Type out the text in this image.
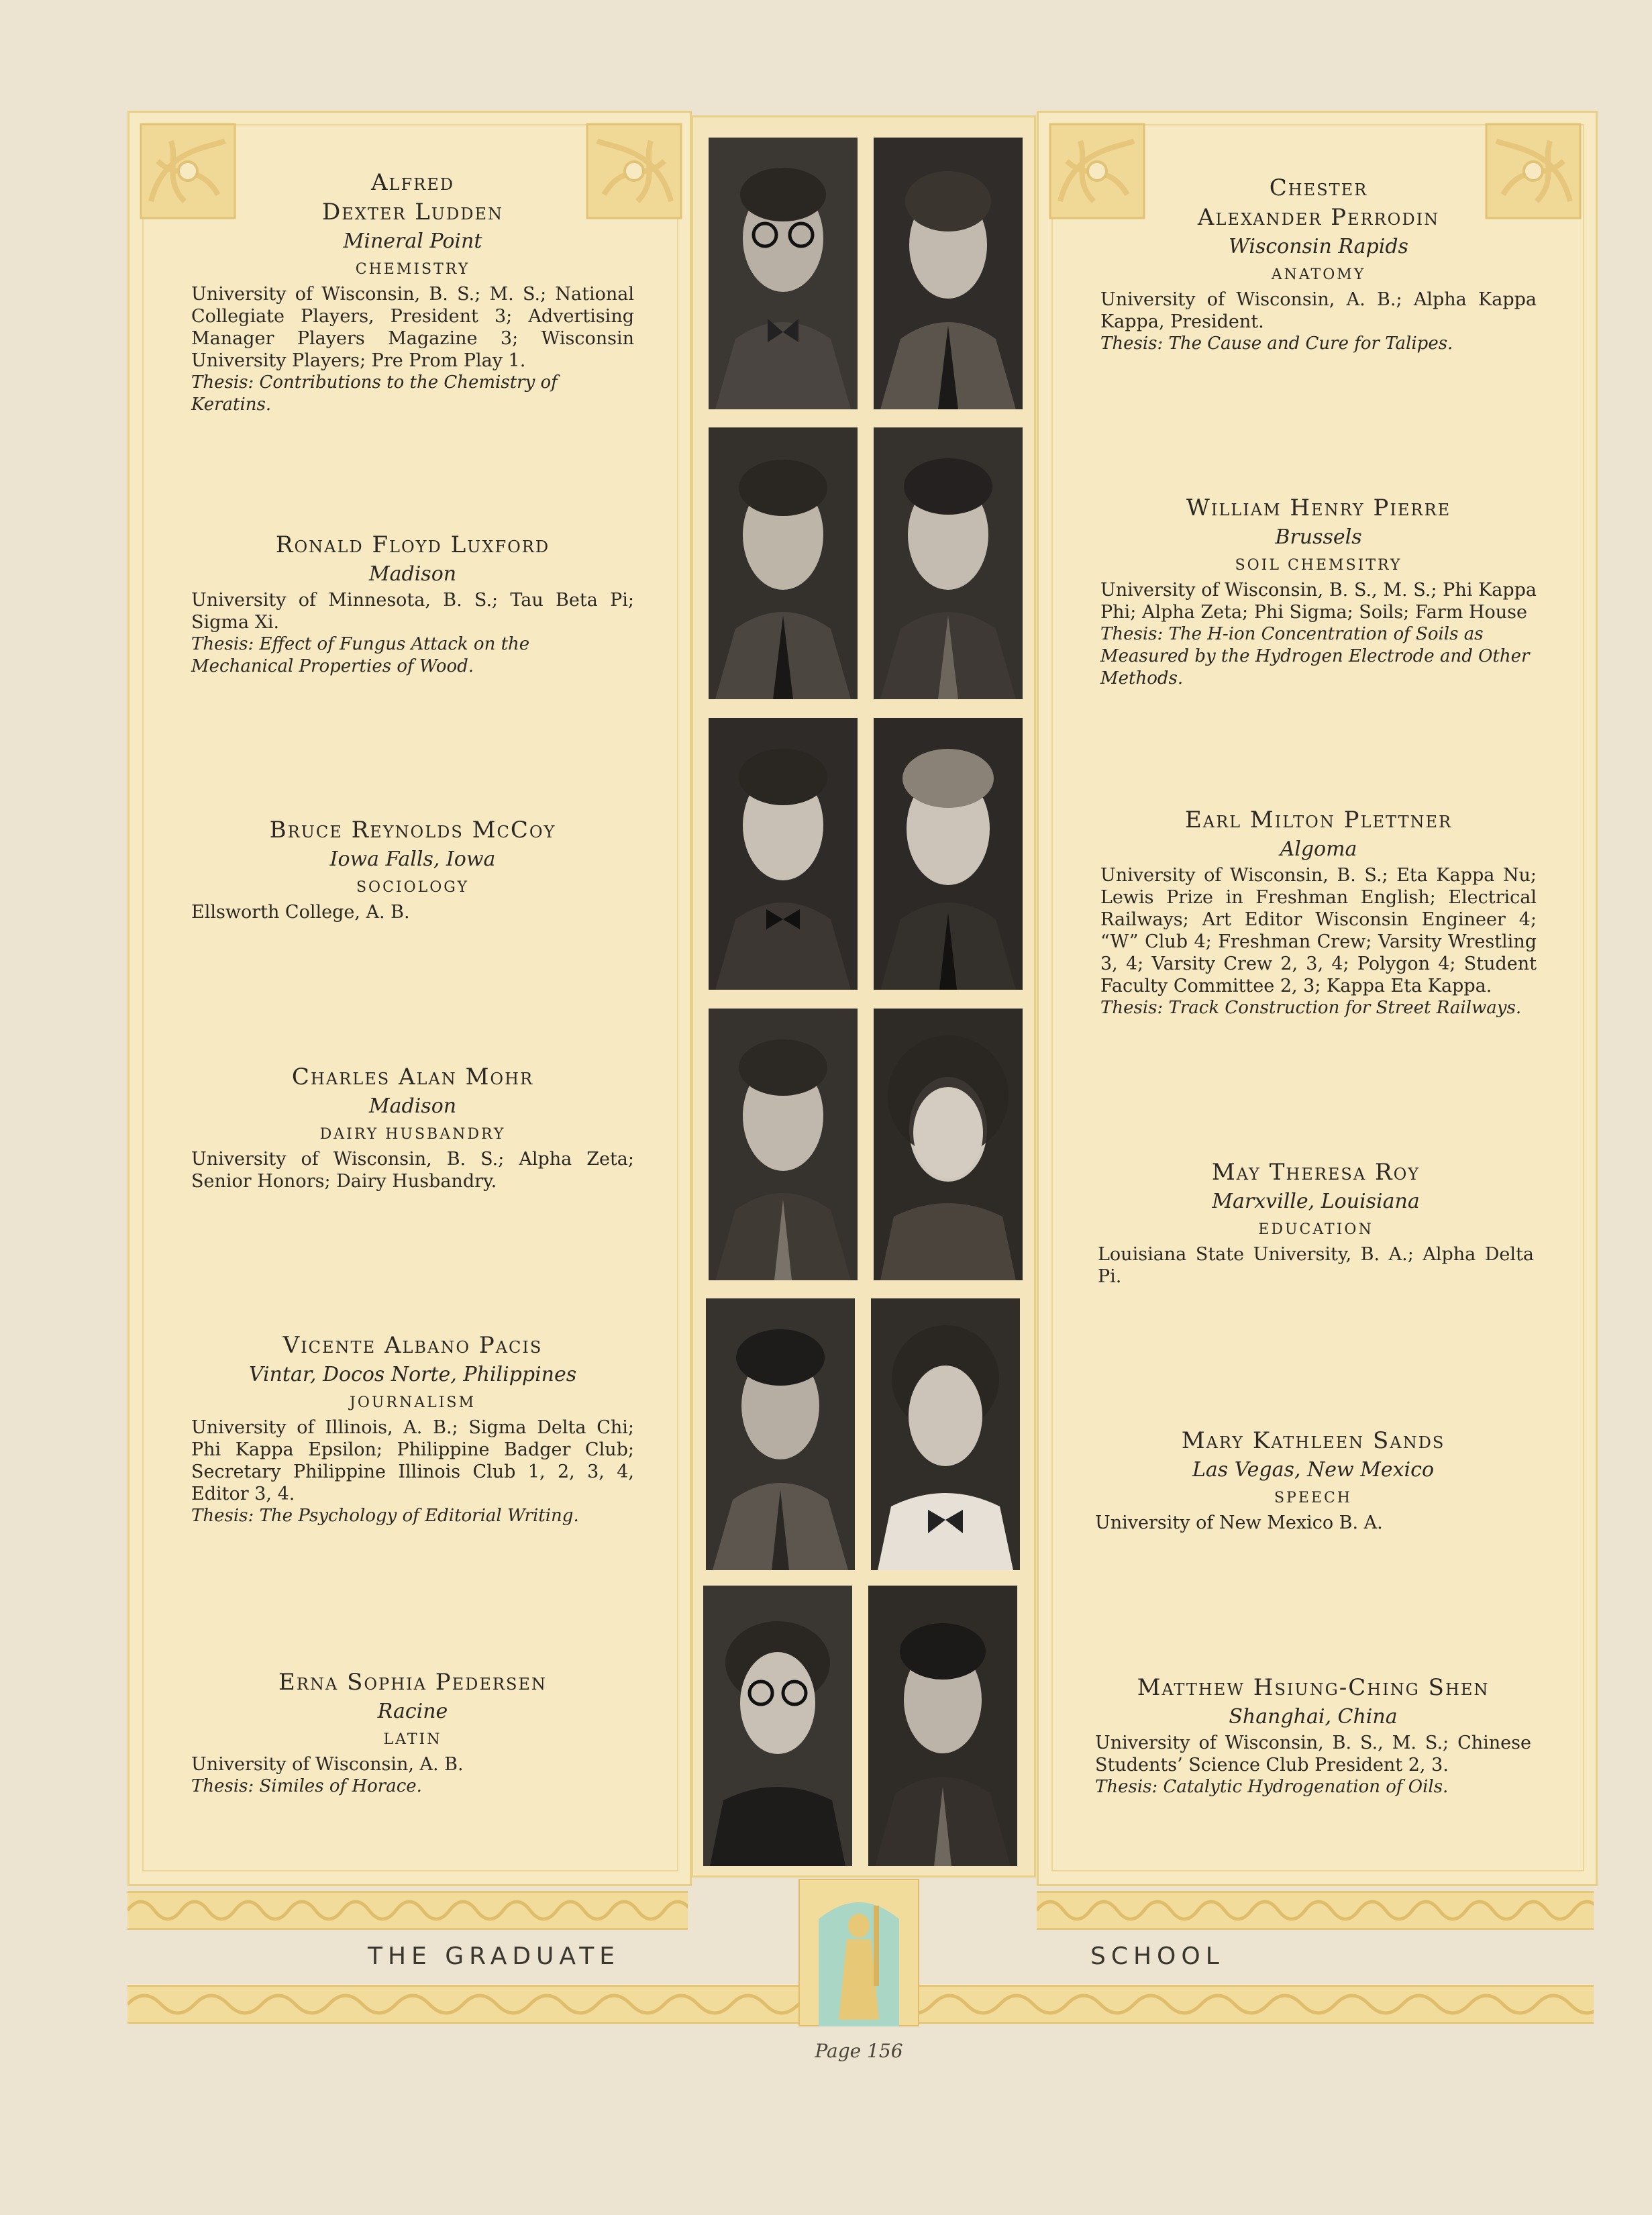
Alfred
Dexter Ludden
Mineral Point
CHEMISTRY
University of Wisconsin, B. S.; M. S.; National Collegiate Players, President 3; Advertising Manager Players Magazine 3; Wisconsin University Players; Pre Prom Play 1.
Thesis: Contributions to the Chemistry of Keratins.
Ronald Floyd Luxford
Madison
University of Minnesota, B. S.; Tau Beta Pi; Sigma Xi.
Thesis: Effect of Fungus Attack on the Mechanical Properties of Wood.
Bruce Reynolds McCoy
Iowa Falls, Iowa
SOCIOLOGY
Ellsworth College, A. B.
Charles Alan Mohr
Madison
DAIRY HUSBANDRY
University of Wisconsin, B. S.; Alpha Zeta; Senior Honors; Dairy Husbandry.
Vicente Albano Pacis
Vintar, Docos Norte, Philippines
JOURNALISM
University of Illinois, A. B.; Sigma Delta Chi; Phi Kappa Epsilon; Philippine Badger Club; Secretary Philippine Illinois Club 1, 2, 3, 4, Editor 3, 4.
Thesis: The Psychology of Editorial Writing.
Erna Sophia Pedersen
Racine
LATIN
University of Wisconsin, A. B.
Thesis: Similes of Horace.
Chester
Alexander Perrodin
Wisconsin Rapids
ANATOMY
University of Wisconsin, A. B.; Alpha Kappa Kappa, President.
Thesis: The Cause and Cure for Talipes.
William Henry Pierre
Brussels
SOIL CHEMSITRY
University of Wisconsin, B. S., M. S.; Phi Kappa Phi; Alpha Zeta; Phi Sigma; Soils; Farm House
Thesis: The H-ion Concentration of Soils as Measured by the Hydrogen Electrode and Other Methods.
Earl Milton Plettner
Algoma
University of Wisconsin, B. S.; Eta Kappa Nu; Lewis Prize in Freshman English; Electrical Railways; Art Editor Wisconsin Engineer 4; “W” Club 4; Freshman Crew; Varsity Wrestling 3, 4; Varsity Crew 2, 3, 4; Polygon 4; Student Faculty Committee 2, 3; Kappa Eta Kappa.
Thesis: Track Construction for Street Railways.
May Theresa Roy
Marxville, Louisiana
EDUCATION
Louisiana State University, B. A.; Alpha Delta Pi.
Mary Kathleen Sands
Las Vegas, New Mexico
SPEECH
University of New Mexico B. A.
Matthew Hsiung-Ching Shen
Shanghai, China
University of Wisconsin, B. S., M. S.; Chinese Students’ Science Club President 2, 3.
Thesis: Catalytic Hydrogenation of Oils.
THE GRADUATE	SCHOOL
Page 156
